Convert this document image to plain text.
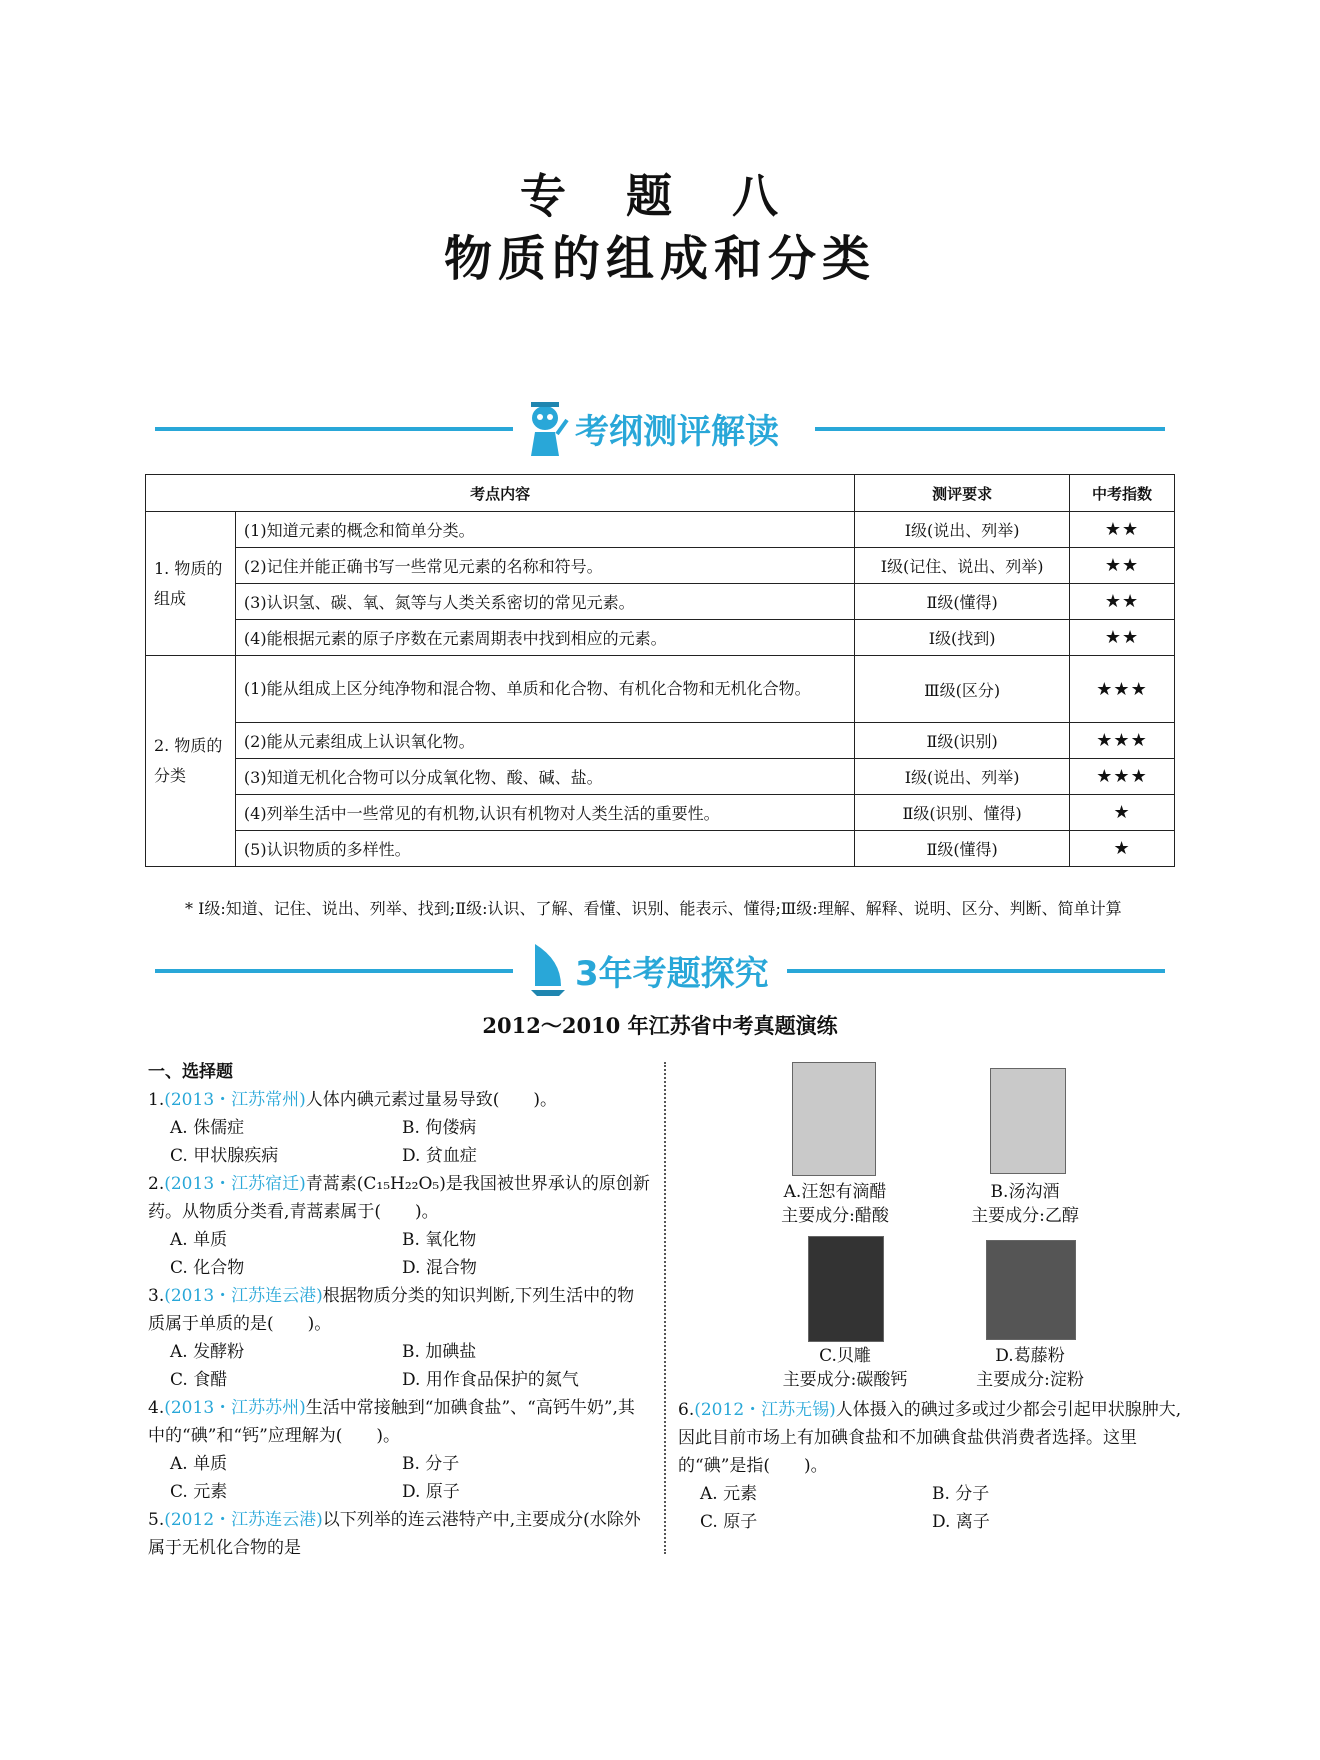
专 题 八
物质的组成和分类
考纲测评解读
考点内容		测评要求	中考指数
1. 物质的组成	(1)知道元素的概念和简单分类。	Ⅰ级(说出、列举)	★★
	(2)记住并能正确书写一些常见元素的名称和符号。	Ⅰ级(记住、说出、列举)	★★
	(3)认识氢、碳、氧、氮等与人类关系密切的常见元素。	Ⅱ级(懂得)	★★
	(4)能根据元素的原子序数在元素周期表中找到相应的元素。	Ⅰ级(找到)	★★
2. 物质的分类	(1)能从组成上区分纯净物和混合物、单质和化合物、有机化合物和无机化合物。	Ⅲ级(区分)	★★★
	(2)能从元素组成上认识氧化物。	Ⅱ级(识别)	★★★
	(3)知道无机化合物可以分成氧化物、酸、碱、盐。	Ⅰ级(说出、列举)	★★★
	(4)列举生活中一些常见的有机物,认识有机物对人类生活的重要性。	Ⅱ级(识别、懂得)	★
	(5)认识物质的多样性。	Ⅱ级(懂得)	★
* Ⅰ级:知道、记住、说出、列举、找到;Ⅱ级:认识、了解、看懂、识别、能表示、懂得;Ⅲ级:理解、解释、说明、区分、判断、简单计算
3年考题探究
2012～2010 年江苏省中考真题演练
一、选择题

1.(2013・江苏常州)人体内碘元素过量易导致(　　)。

A. 侏儒症	B. 佝偻病
C. 甲状腺疾病	D. 贫血症

2.(2013・江苏宿迁)青蒿素(C₁₅H₂₂O₅)是我国被世界承认的原创新药。从物质分类看,青蒿素属于(　　)。

A. 单质	B. 氧化物
C. 化合物	D. 混合物

3.(2013・江苏连云港)根据物质分类的知识判断,下列生活中的物质属于单质的是(　　)。

A. 发酵粉	B. 加碘盐
C. 食醋	D. 用作食品保护的氮气

4.(2013・江苏苏州)生活中常接触到“加碘食盐”、“高钙牛奶”,其中的“碘”和“钙”应理解为(　　)。

A. 单质	B. 分子
C. 元素	D. 原子

5.(2012・江苏连云港)以下列举的连云港特产中,主要成分(水除外 属于无机化合物的是

A.汪恕有滴醋
主要成分:醋酸
B.汤沟酒
主要成分:乙醇
C.贝雕
主要成分:碳酸钙
D.葛藤粉
主要成分:淀粉

6.(2012・江苏无锡)人体摄入的碘过多或过少都会引起甲状腺肿大,因此目前市场上有加碘食盐和不加碘食盐供消费者选择。这里的“碘”是指(　　)。

A. 元素	B. 分子
C. 原子	D. 离子
